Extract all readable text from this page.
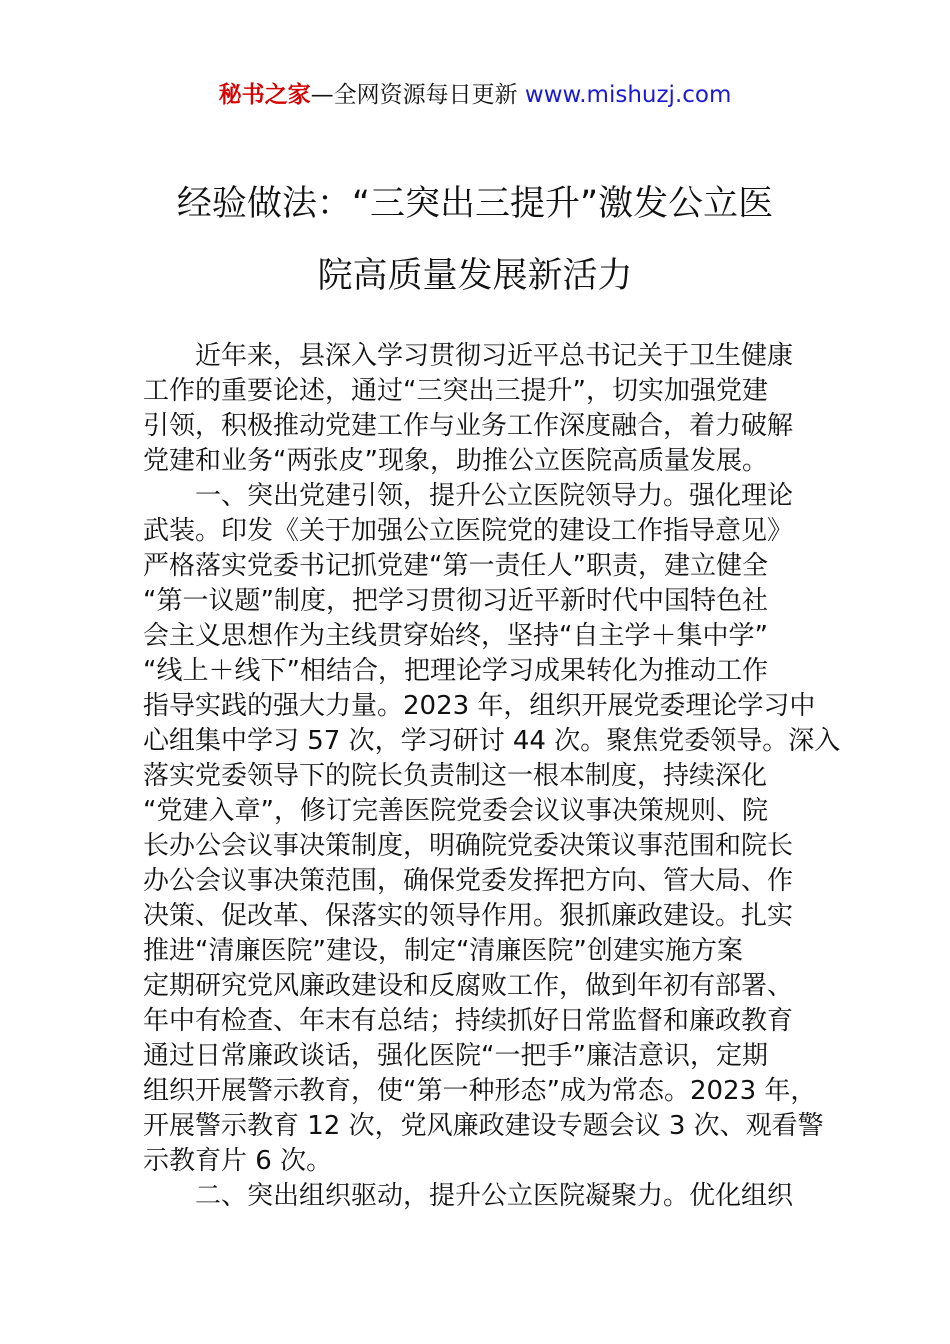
秘书之家—全网资源每日更新 www.mishuzj.com
经验做法：“三突出三提升”激发公立医
院高质量发展新活力
近年来，县深入学习贯彻习近平总书记关于卫生健康
工作的重要论述，通过“三突出三提升”，切实加强党建
引领，积极推动党建工作与业务工作深度融合，着力破解
党建和业务“两张皮”现象，助推公立医院高质量发展。
一、突出党建引领，提升公立医院领导力。强化理论
武装。印发《关于加强公立医院党的建设工作指导意见》
严格落实党委书记抓党建“第一责任人”职责，建立健全
“第一议题”制度，把学习贯彻习近平新时代中国特色社
会主义思想作为主线贯穿始终，坚持“自主学＋集中学”
“线上＋线下”相结合，把理论学习成果转化为推动工作
指导实践的强大力量。2023 年，组织开展党委理论学习中
心组集中学习 57 次，学习研讨 44 次。聚焦党委领导。深入
落实党委领导下的院长负责制这一根本制度，持续深化
“党建入章”，修订完善医院党委会议议事决策规则、院
长办公会议事决策制度，明确院党委决策议事范围和院长
办公会议事决策范围，确保党委发挥把方向、管大局、作
决策、促改革、保落实的领导作用。狠抓廉政建设。扎实
推进“清廉医院”建设，制定“清廉医院”创建实施方案
定期研究党风廉政建设和反腐败工作，做到年初有部署、
年中有检查、年末有总结；持续抓好日常监督和廉政教育
通过日常廉政谈话，强化医院“一把手”廉洁意识，定期
组织开展警示教育，使“第一种形态”成为常态。2023 年，
开展警示教育 12 次，党风廉政建设专题会议 3 次、观看警
示教育片 6 次。
二、突出组织驱动，提升公立医院凝聚力。优化组织
